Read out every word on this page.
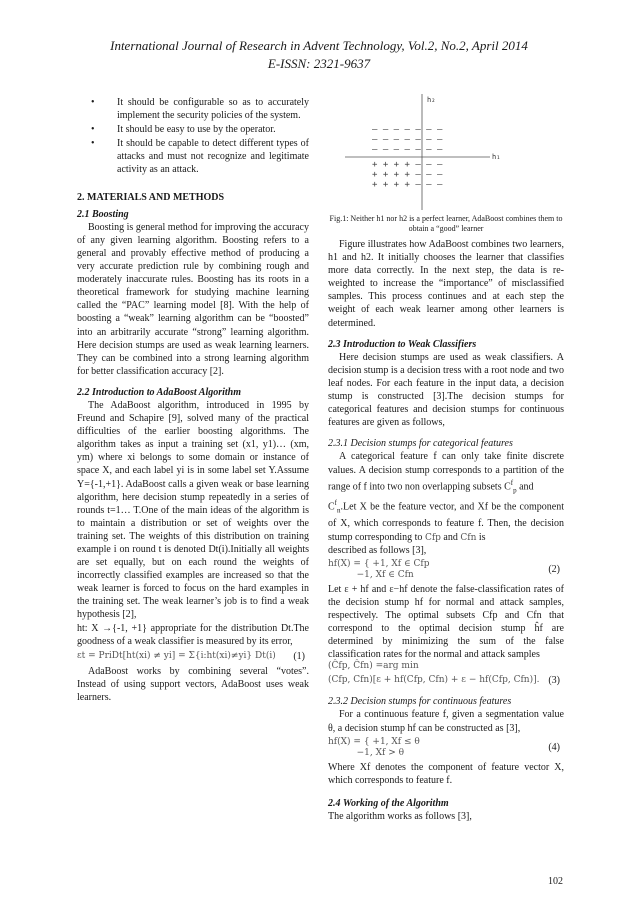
International Journal of Research in Advent Technology, Vol.2, No.2, April 2014
E-ISSN: 2321-9637
• It should be configurable so as to accurately implement the security policies of the system.
• It should be easy to use by the operator.
• It should be capable to detect different types of attacks and must not recognize and legitimate activity as an attack.

2. MATERIALS AND METHODS

2.1 Boosting

Boosting is general method for improving the accuracy of any given learning algorithm. Boosting refers to a general and provably effective method of producing a very accurate prediction rule by combining rough and moderately inaccurate rules. Boosting has its roots in a theoretical framework for studying machine learning called the “PAC” learning model [8]. With the help of boosting a “weak” learning algorithm can be “boosted” into an arbitrarily accurate “strong” learning algorithm. Here decision stumps are used as weak learning learners. They can be combined into a strong learning algorithm for better classification accuracy [2].

2.2 Introduction to AdaBoost Algorithm

The AdaBoost algorithm, introduced in 1995 by Freund and Schapire [9], solved many of the practical difficulties of the earlier boosting algorithms. The algorithm takes as input a training set (x1, y1)… (xm, ym) where xi belongs to some domain or instance of space X, and each label yi is in some label set Y.Assume Y={-1,+1}. AdaBoost calls a given weak or base learning algorithm, here decision stump repeatedly in a series of rounds t=1… T.One of the main ideas of the algorithm is to maintain a distribution or set of weights over the training set. The weights of this distribution on training example i on round t is denoted Dt(i).Initially all weights are set equally, but on each round the weights of incorrectly classified examples are increased so that the weak learner is forced to focus on the hard examples in the training set. The weak learner’s job is to find a weak hypothesis [2],

ht: X →{-1, +1} appropriate for the distribution Dt.The goodness of a weak classifier is measured by its error,

εt = PriDt[ht(xi) ≠ yi] = Σ{i:ht(xi)≠yi} Dt(i) (1)

AdaBoost works by combining several “votes”. Instead of using support vectors, AdaBoost uses weak learners.

h₂
h₁
– – – – – – –
– – – – – – –
– – – – – – –
+ + + + – – –
+ + + + – – –
+ + + + – – –

Fig.1: Neither h1 nor h2 is a perfect learner, AdaBoost combines them to obtain a “good” learner

Figure illustrates how AdaBoost combines two learners, h1 and h2. It initially chooses the learner that classifies more data correctly. In the next step, the data is re-weighted to increase the “importance” of misclassified samples. This process continues and at each step the weight of each weak learner among other learners is determined.

2.3 Introduction to Weak Classifiers

Here decision stumps are used as weak classifiers. A decision stump is a decision tress with a root node and two leaf nodes. For each feature in the input data, a decision stump is constructed [3].The decision stumps for categorical features and decision stumps for continuous features are given as follows,

2.3.1 Decision stumps for categorical features

A categorical feature f can only take finite discrete values. A decision stump corresponds to a partition of the range of f into two non overlapping subsets $C^f_p$ and

$C^f_n.Let$ X be the feature vector, and Xf be the component of X, which corresponds to feature f. Then, the decision stump corresponding to Cfp and Cfn is

described as follows [3],

hf(X) = { +1, Xf ∈ Cfp
−1, Xf ∈ Cfn	(2)

Let ε + hf and ε−hf denote the false-classification rates of the decision stump hf for normal and attack samples, respectively. The optimal subsets Cfp and Cfn that correspond to the optimal decision stump ĥf are determined by minimizing the sum of the false classification rates for the normal and attack samples

(Ĉfp, Ĉfn) =arg min

(Cfp, Cfn)[ε + hf(Cfp, Cfn) + ε − hf(Cfp, Cfn)]. (3)

2.3.2 Decision stumps for continuous features

For a continuous feature f, given a segmentation value θ, a decision stump hf can be constructed as [3],

hf(X) = { +1, Xf ≤ θ
−1, Xf > θ	(4)

Where Xf denotes the component of feature vector X, which corresponds to feature f.

2.4 Working of the Algorithm

The algorithm works as follows [3],

102
